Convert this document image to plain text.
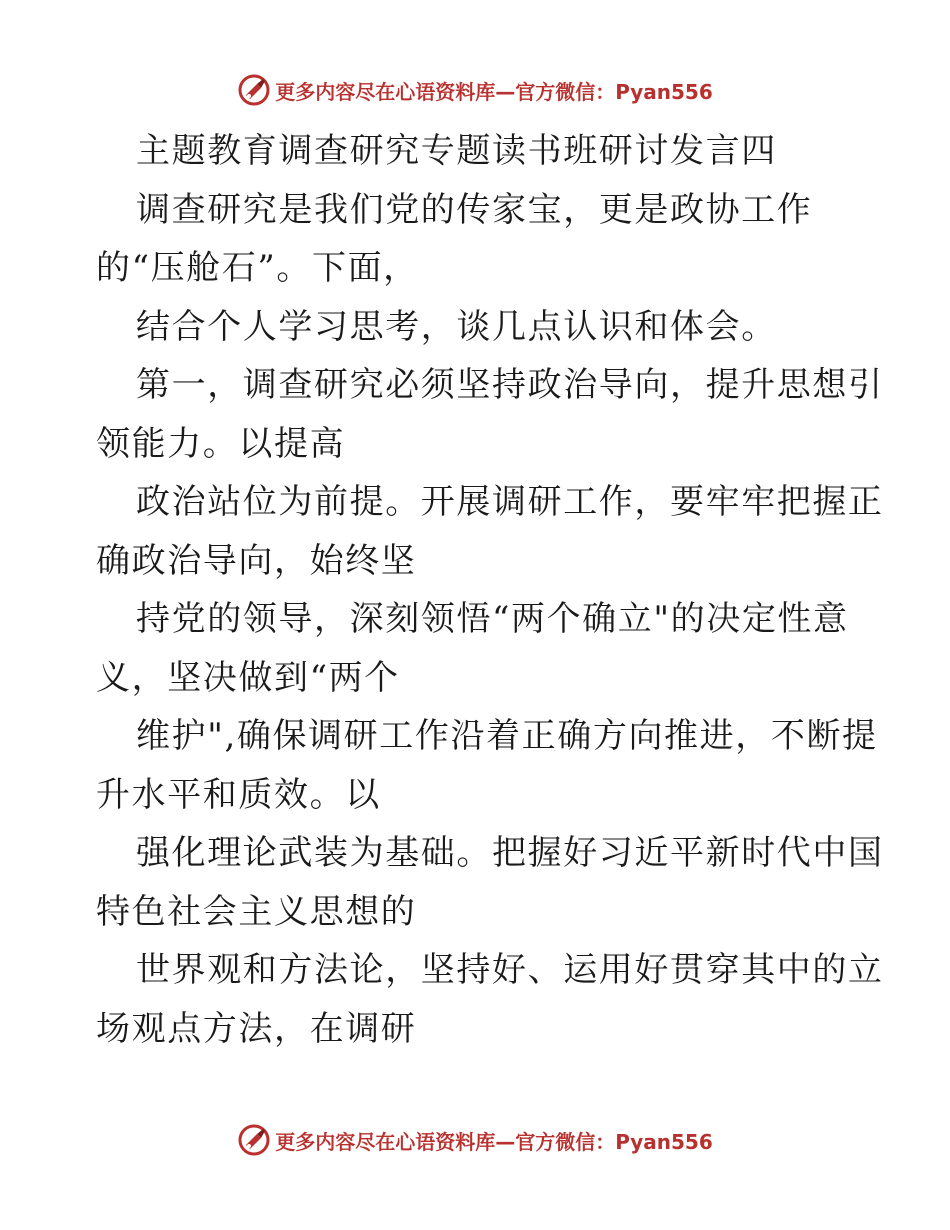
更多内容尽在心语资料库—官方微信：Pyan556
主题教育调查研究专题读书班研讨发言四
调查研究是我们党的传家宝，更是政协工作
的“压舱石”。下面，
结合个人学习思考，谈几点认识和体会。
第一，调查研究必须坚持政治导向，提升思想引
领能力。以提高
政治站位为前提。开展调研工作，要牢牢把握正
确政治导向，始终坚
持党的领导，深刻领悟“两个确立"的决定性意
义，坚决做到“两个
维护",确保调研工作沿着正确方向推进，不断提
升水平和质效。以
强化理论武装为基础。把握好习近平新时代中国
特色社会主义思想的
世界观和方法论，坚持好、运用好贯穿其中的立
场观点方法，在调研
更多内容尽在心语资料库—官方微信：Pyan556
